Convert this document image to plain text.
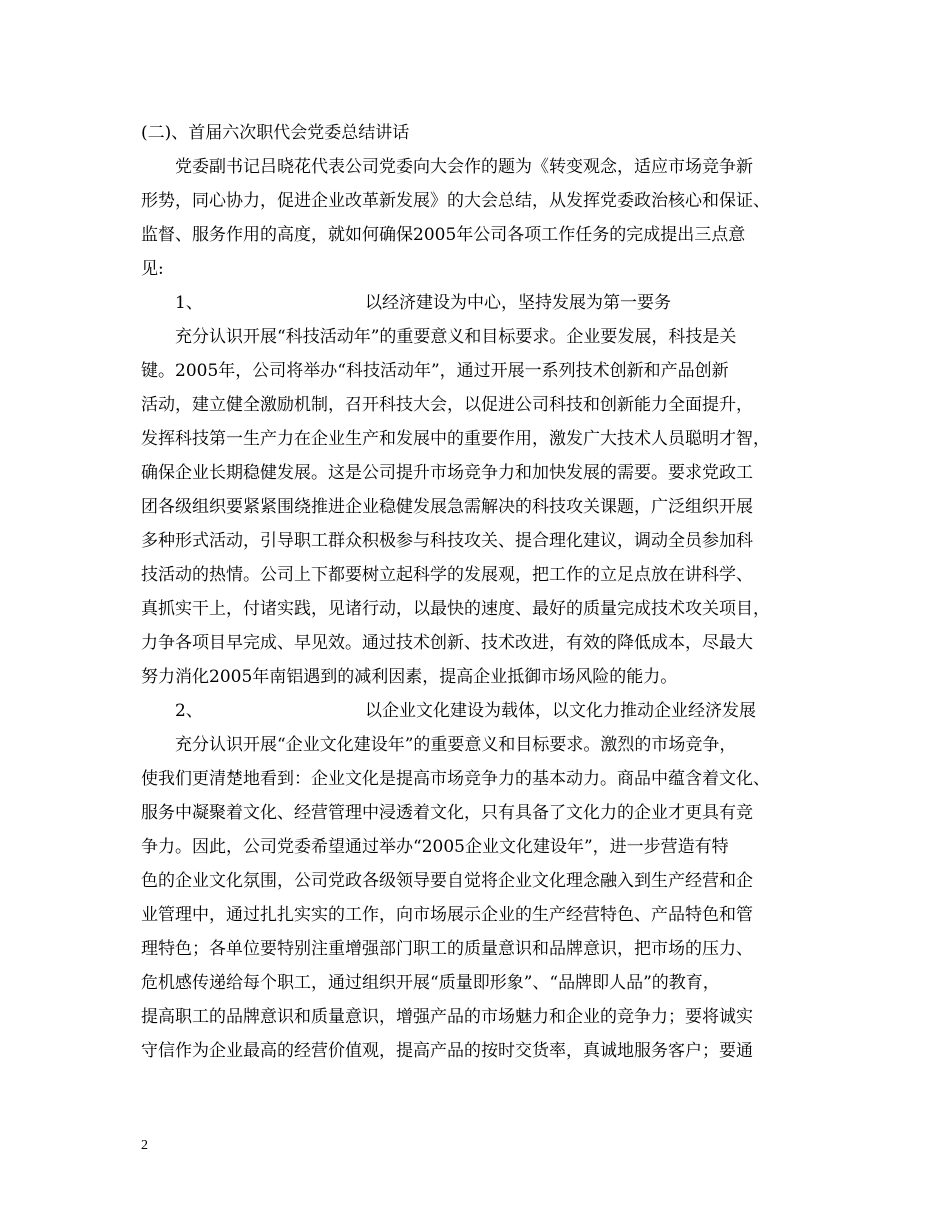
(二)、首届六次职代会党委总结讲话
党委副书记吕晓花代表公司党委向大会作的题为《转变观念，适应市场竞争新
形势，同心协力，促进企业改革新发展》的大会总结，从发挥党委政治核心和保证、
监督、服务作用的高度，就如何确保2005年公司各项工作任务的完成提出三点意
见:
1、	以经济建设为中心，坚持发展为第一要务
充分认识开展“科技活动年”的重要意义和目标要求。企业要发展，科技是关
键。2005年，公司将举办“科技活动年”，通过开展一系列技术创新和产品创新
活动，建立健全激励机制，召开科技大会，以促进公司科技和创新能力全面提升，
发挥科技第一生产力在企业生产和发展中的重要作用，激发广大技术人员聪明才智，
确保企业长期稳健发展。这是公司提升市场竞争力和加快发展的需要。要求党政工
团各级组织要紧紧围绕推进企业稳健发展急需解决的科技攻关课题，广泛组织开展
多种形式活动，引导职工群众积极参与科技攻关、提合理化建议，调动全员参加科
技活动的热情。公司上下都要树立起科学的发展观，把工作的立足点放在讲科学、
真抓实干上，付诸实践，见诸行动，以最快的速度、最好的质量完成技术攻关项目，
力争各项目早完成、早见效。通过技术创新、技术改进，有效的降低成本，尽最大
努力消化2005年南铝遇到的减利因素，提高企业抵御市场风险的能力。
2、	以企业文化建设为载体，以文化力推动企业经济发展
充分认识开展“企业文化建设年”的重要意义和目标要求。激烈的市场竞争，
使我们更清楚地看到：企业文化是提高市场竞争力的基本动力。商品中蕴含着文化、
服务中凝聚着文化、经营管理中浸透着文化，只有具备了文化力的企业才更具有竞
争力。因此，公司党委希望通过举办“2005企业文化建设年”，进一步营造有特
色的企业文化氛围，公司党政各级领导要自觉将企业文化理念融入到生产经营和企
业管理中，通过扎扎实实的工作，向市场展示企业的生产经营特色、产品特色和管
理特色；各单位要特别注重增强部门职工的质量意识和品牌意识，把市场的压力、
危机感传递给每个职工，通过组织开展“质量即形象”、“品牌即人品”的教育，
提高职工的品牌意识和质量意识，增强产品的市场魅力和企业的竞争力；要将诚实
守信作为企业最高的经营价值观，提高产品的按时交货率，真诚地服务客户；要通
2
